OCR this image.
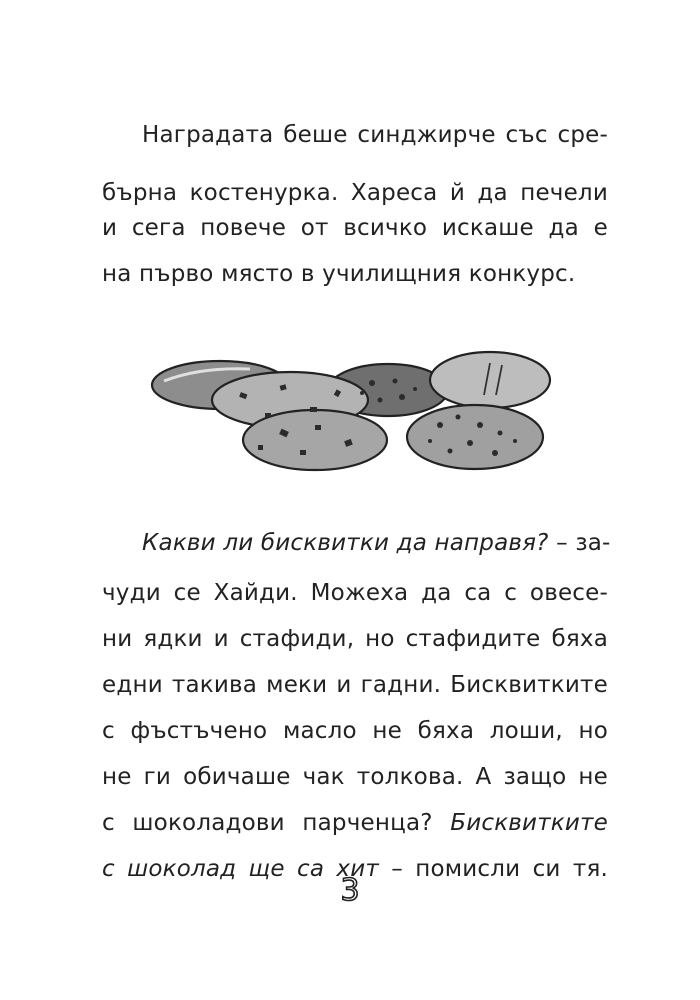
Наградата беше синджирче със сре-
бърна костенурка. Хареса й да печели
и сега повече от всичко искаше да е
на първо място в училищния конкурс.
Какви ли бисквитки да направя? – за-
чуди се Хайди. Можеха да са с овесе-
ни ядки и стафиди, но стафидите бяха
едни такива меки и гадни. Бисквитките
с фъстъчено масло не бяха лоши, но
не ги обичаше чак толкова. А защо не
с шоколадови парченца? Бисквитките
с шоколад ще са хит – помисли си тя.
3
